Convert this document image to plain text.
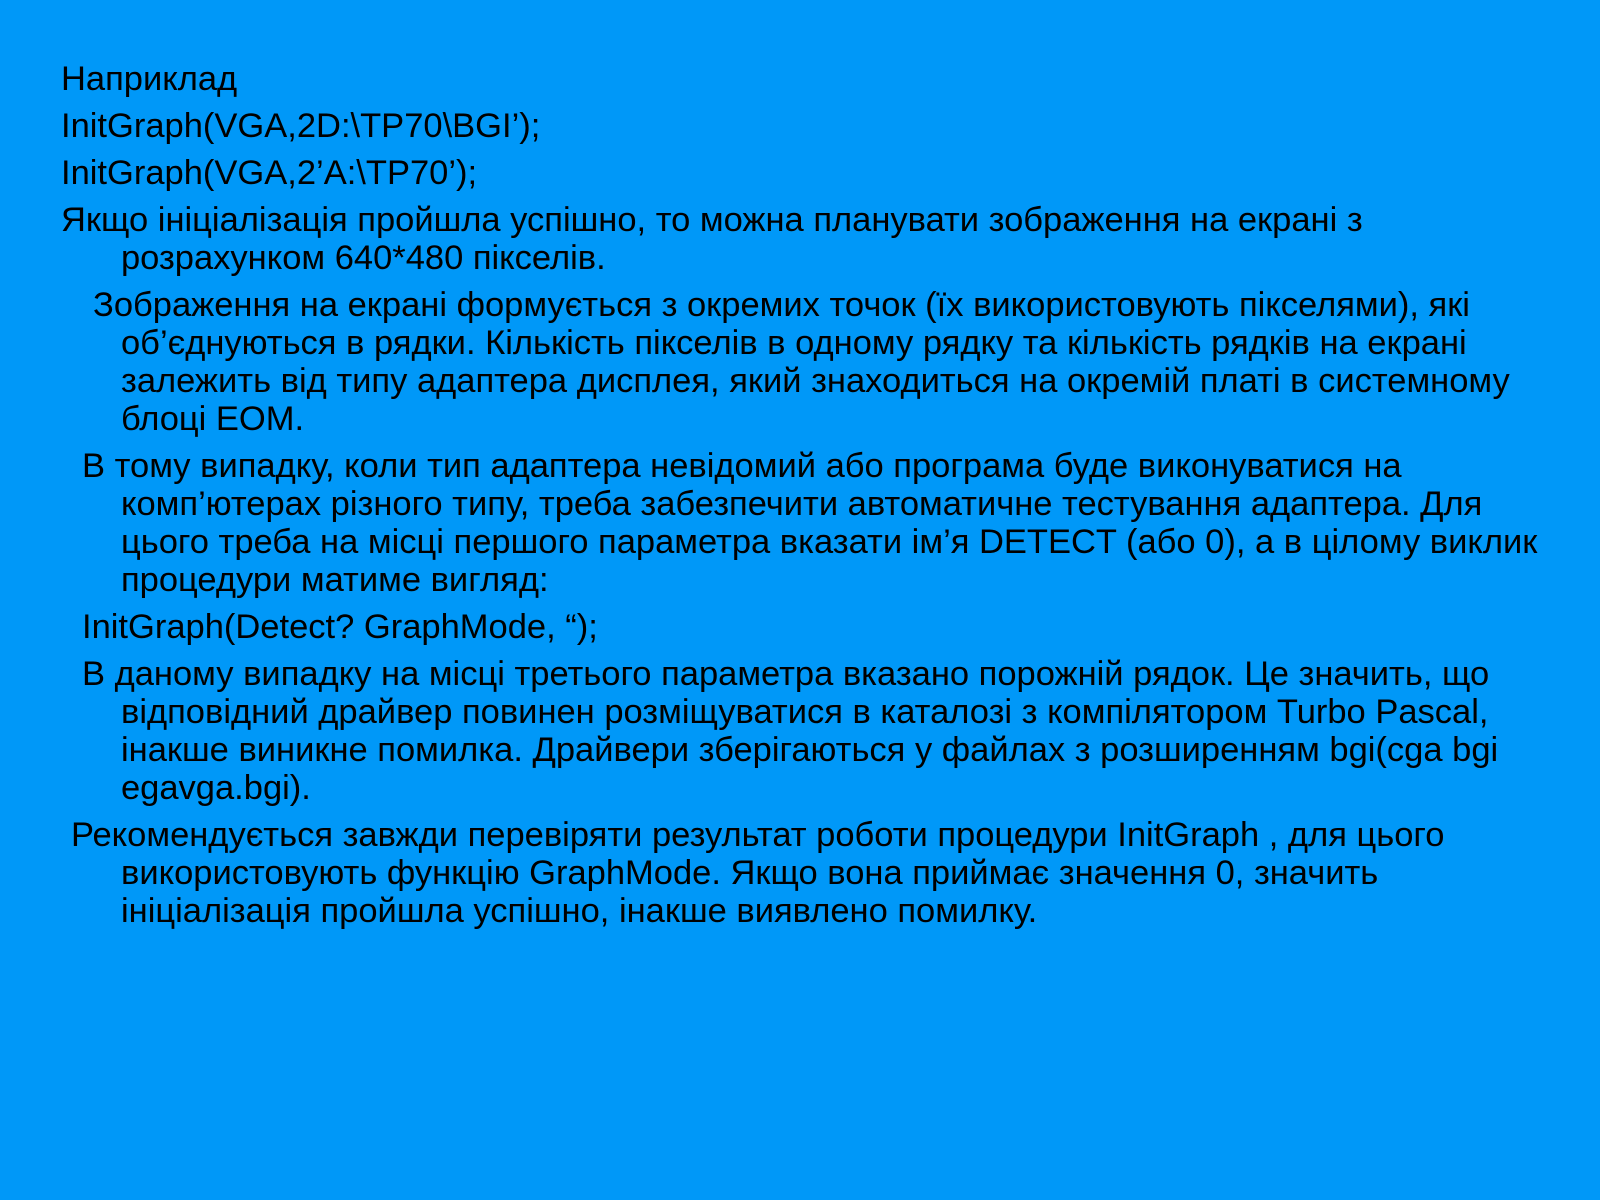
Наприклад

InitGraph(VGA,2D:\TP70\BGI’);

InitGraph(VGA,2’A:\TP70’);

Якщо ініціалізація пройшла успішно, то можна планувати зображення на екрані з розрахунком 640*480 пікселів.

Зображення на екрані формується з окремих точок (їх використовують пікселями), які об’єднуються в рядки. Кількість пікселів в одному рядку та кількість рядків на екрані залежить від типу адаптера дисплея, який знаходиться на окремій платі в системному блоці ЕОМ.

В тому випадку, коли тип адаптера невідомий або програма буде виконуватися на комп’ютерах різного типу, треба забезпечити автоматичне тестування адаптера. Для цього треба на місці першого параметра вказати ім’я DETECT (або 0), а в цілому виклик процедури матиме вигляд:

InitGraph(Detect? GraphMode, “);

В даному випадку на місці третього параметра вказано порожній рядок. Це значить, що відповідний драйвер повинен розміщуватися в каталозі з компілятором Turbo Pascal, інакше виникне помилка. Драйвери зберігаються у файлах з розширенням bgi(cga bgi egavga.bgi).

Рекомендується завжди перевіряти результат роботи процедури InitGraph , для цього використовують функцію GraphMode. Якщо вона приймає значення 0, значить ініціалізація пройшла успішно, інакше виявлено помилку.
